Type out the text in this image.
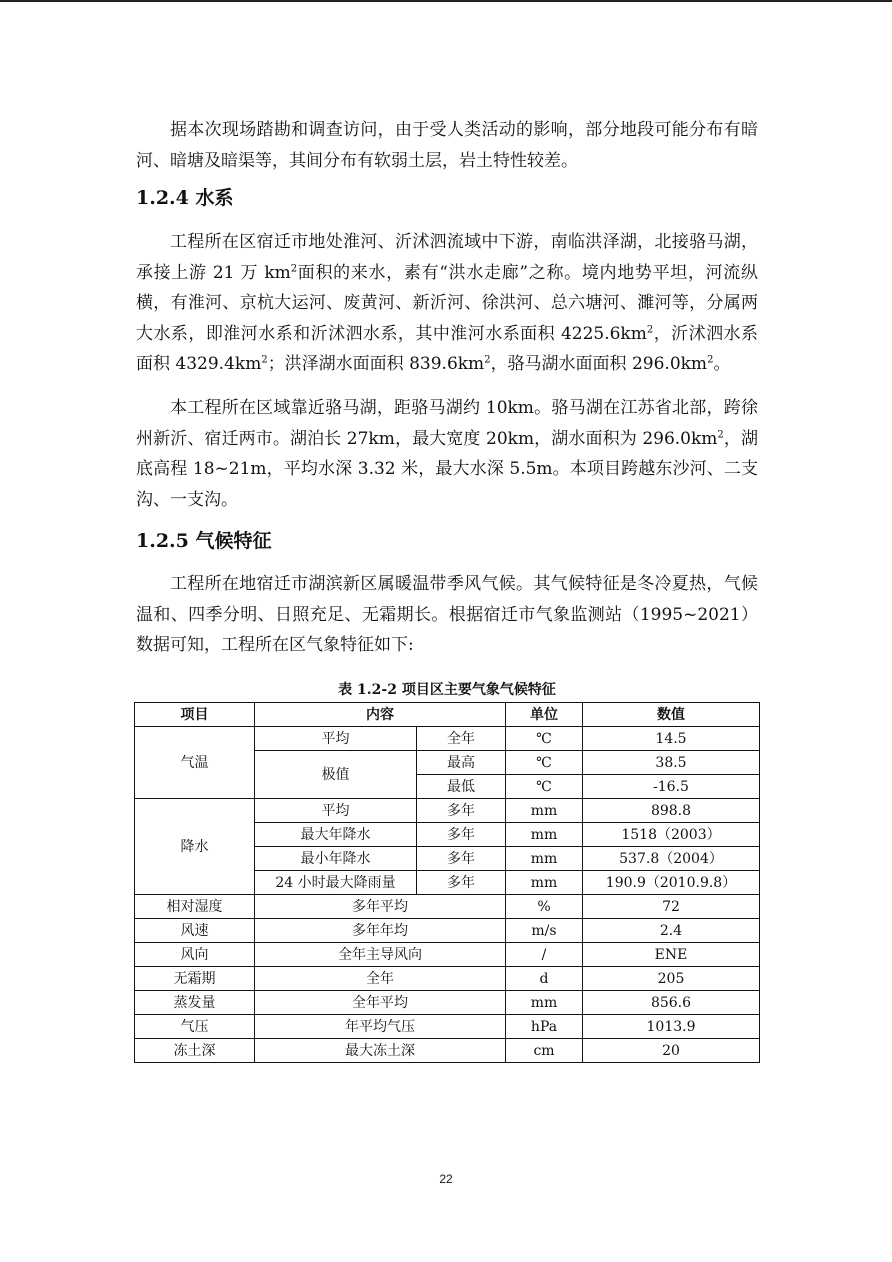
据本次现场踏勘和调查访问，由于受人类活动的影响，部分地段可能分布有暗河、暗塘及暗渠等，其间分布有软弱土层，岩土特性较差。

1.2.4 水系

工程所在区宿迁市地处淮河、沂沭泗流域中下游，南临洪泽湖，北接骆马湖，承接上游 21 万 $km^2$面积的来水，素有“洪水走廊”之称。境内地势平坦，河流纵横，有淮河、京杭大运河、废黄河、新沂河、徐洪河、总六塘河、濉河等，分属两大水系，即淮河水系和沂沭泗水系，其中淮河水系面积 $4225.6km^2$，沂沭泗水系面积 $4329.4km^2$；洪泽湖水面面积 $839.6km^2$，骆马湖水面面积 $296.0km^2$。

本工程所在区域靠近骆马湖，距骆马湖约 10km。骆马湖在江苏省北部，跨徐州新沂、宿迁两市。湖泊长 27km，最大宽度 20km，湖水面积为 $296.0km^2$，湖底高程 18~21m，平均水深 3.32 米，最大水深 5.5m。本项目跨越东沙河、二支沟、一支沟。

1.2.5 气候特征

工程所在地宿迁市湖滨新区属暖温带季风气候。其气候特征是冬冷夏热，气候温和、四季分明、日照充足、无霜期长。根据宿迁市气象监测站（1995~2021）数据可知，工程所在区气象特征如下:

表 1.2-2 项目区主要气象气候特征
项目	内容		单位	数值
气温	平均	全年	℃	14.5
	极值	最高	℃	38.5
		最低	℃	-16.5
降水	平均	多年	mm	898.8
	最大年降水	多年	mm	1518（2003）
	最小年降水	多年	mm	537.8（2004）
	24 小时最大降雨量	多年	mm	190.9（2010.9.8）
相对湿度	多年平均		%	72
风速	多年年均		m/s	2.4
风向	全年主导风向		/	ENE
无霜期	全年		d	205
蒸发量	全年平均		mm	856.6
气压	年平均气压		hPa	1013.9
冻土深	最大冻土深		cm	20
22
